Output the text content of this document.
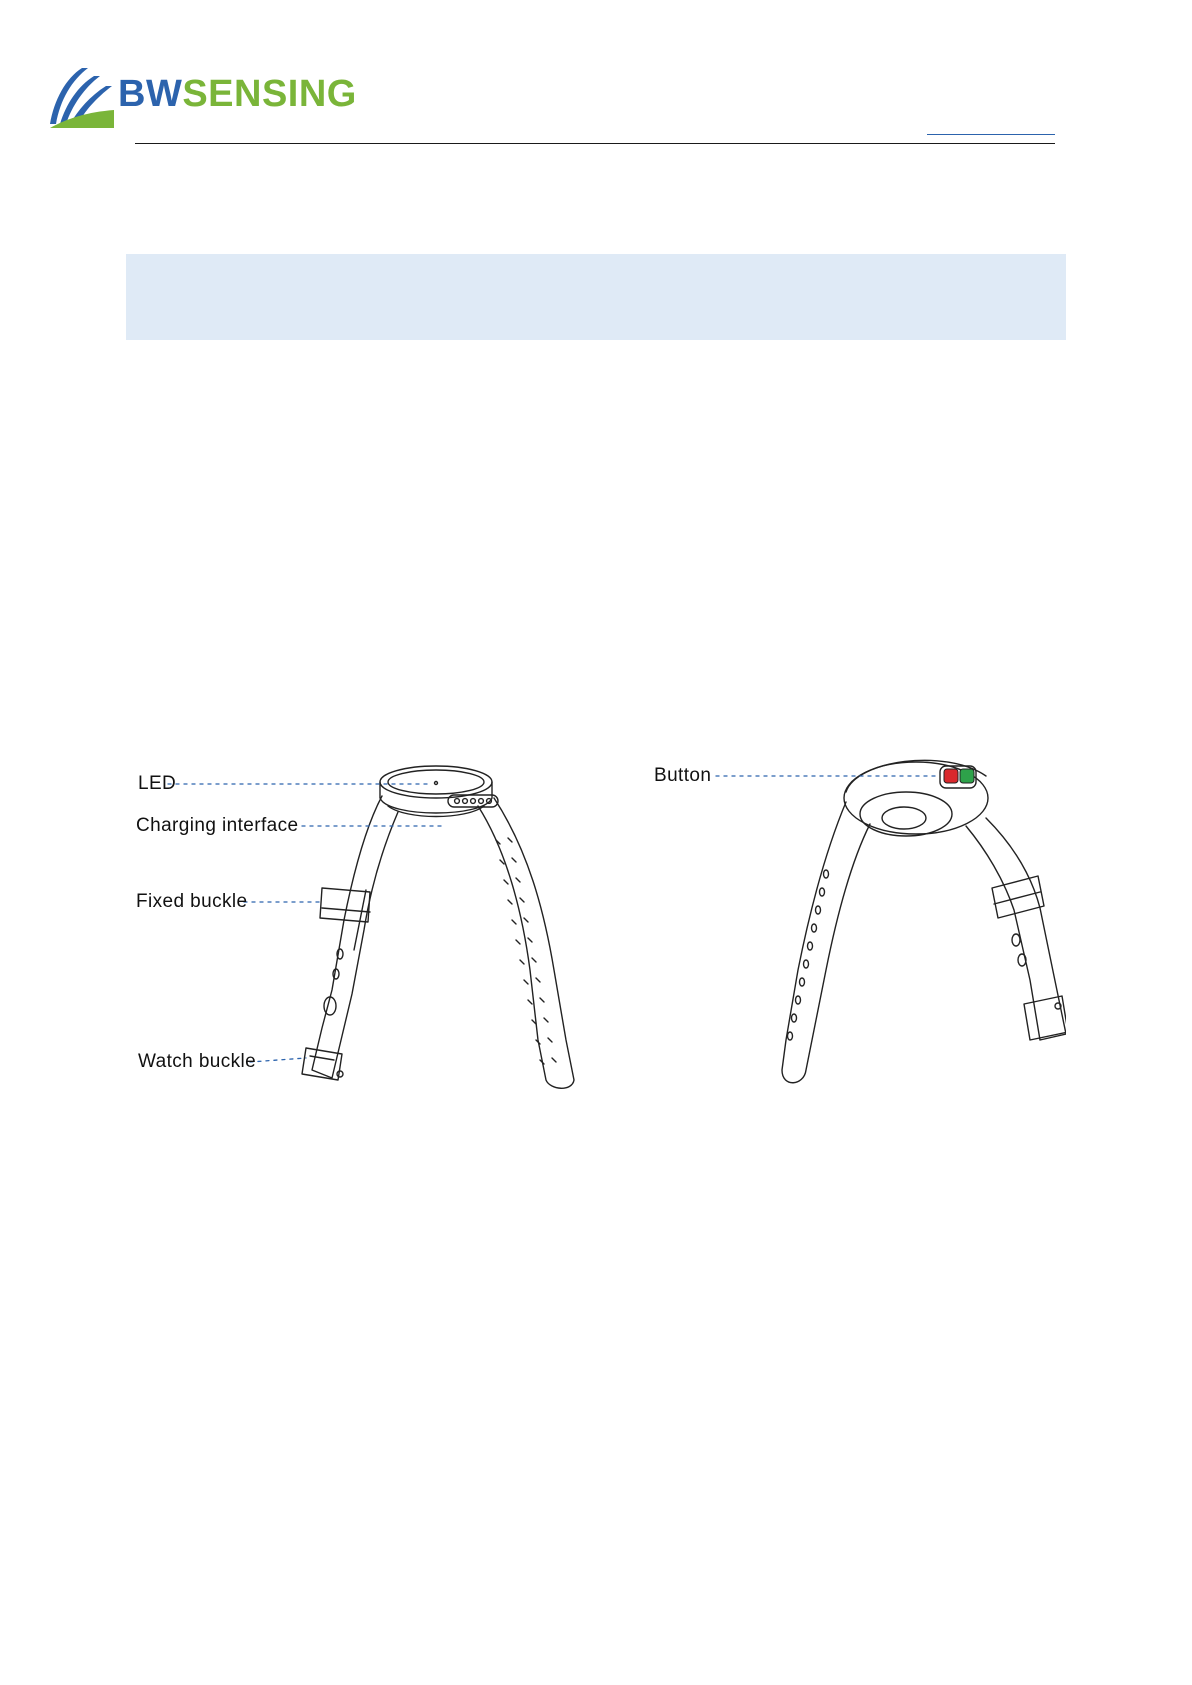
BWSENSING
LED
Charging interface
Fixed buckle
Watch buckle
Button
